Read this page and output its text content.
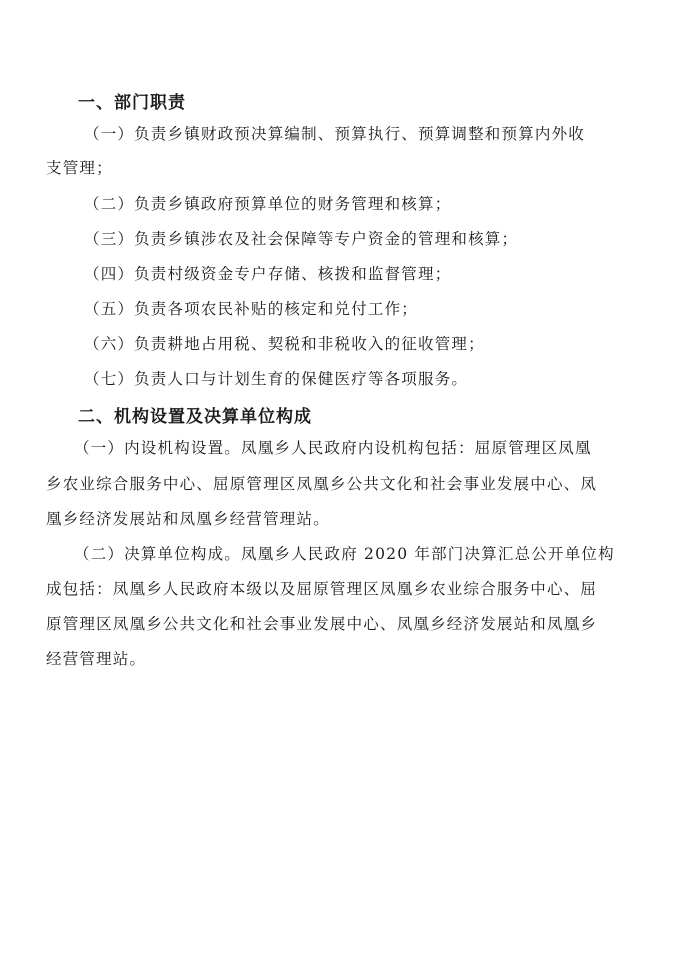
一、部门职责
（一）负责乡镇财政预决算编制、预算执行、预算调整和预算内外收
支管理；
（二）负责乡镇政府预算单位的财务管理和核算；
（三）负责乡镇涉农及社会保障等专户资金的管理和核算；
（四）负责村级资金专户存储、核拨和监督管理；
（五）负责各项农民补贴的核定和兑付工作；
（六）负责耕地占用税、契税和非税收入的征收管理；
（七）负责人口与计划生育的保健医疗等各项服务。
二、机构设置及决算单位构成
（一）内设机构设置。凤凰乡人民政府内设机构包括：屈原管理区凤凰
乡农业综合服务中心、屈原管理区凤凰乡公共文化和社会事业发展中心、凤
凰乡经济发展站和凤凰乡经营管理站。
（二）决算单位构成。凤凰乡人民政府 2020 年部门决算汇总公开单位构
成包括：凤凰乡人民政府本级以及屈原管理区凤凰乡农业综合服务中心、屈
原管理区凤凰乡公共文化和社会事业发展中心、凤凰乡经济发展站和凤凰乡
经营管理站。
